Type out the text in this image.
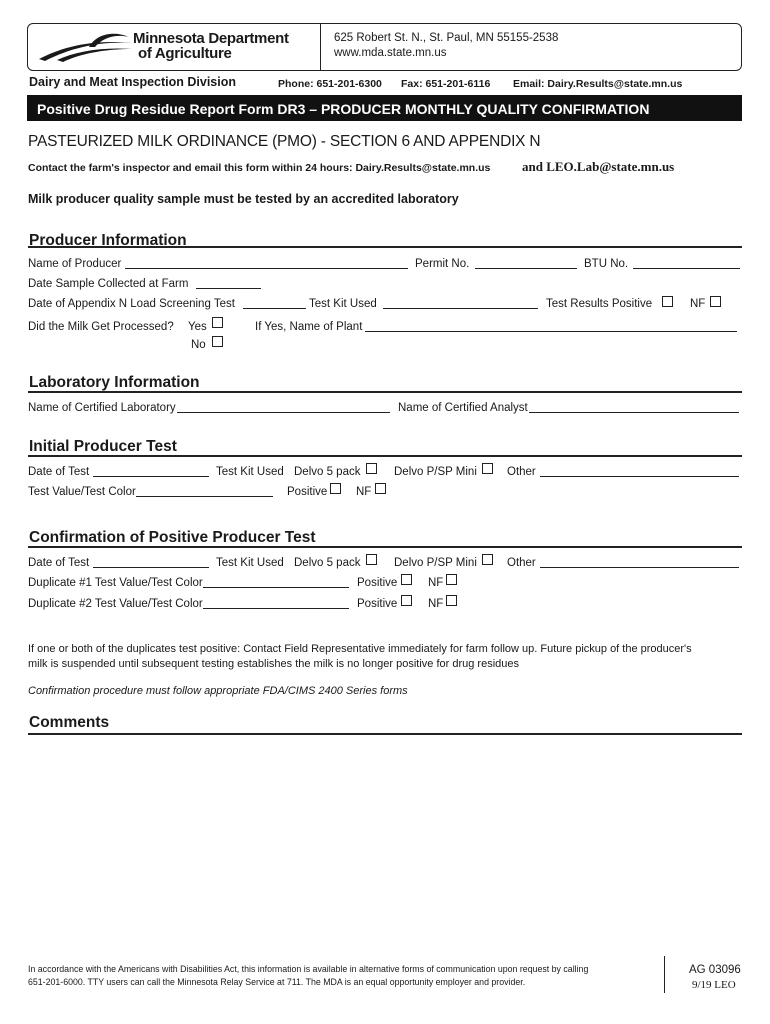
Minnesota Department
of Agriculture
625 Robert St. N., St. Paul, MN 55155-2538
www.mda.state.mn.us
Dairy and Meat Inspection Division	Phone: 651-201-6300 Fax: 651-201-6116 Email: Dairy.Results@state.mn.us
Positive Drug Residue Report Form DR3 – PRODUCER MONTHLY QUALITY CONFIRMATION
PASTEURIZED MILK ORDINANCE (PMO) - SECTION 6 AND APPENDIX N
Contact the farm's inspector and email this form within 24 hours: Dairy.Results@state.mn.us and LEO.Lab@state.mn.us
Milk producer quality sample must be tested by an accredited laboratory
Producer Information
Name of Producer	Permit No.	BTU No.
Date Sample Collected at Farm
Date of Appendix N Load Screening Test	Test Kit Used	Test Results Positive	NF
Did the Milk Get Processed? Yes
No
If Yes, Name of Plant
Laboratory Information
Name of Certified Laboratory	Name of Certified Analyst
Initial Producer Test
Date of Test	Test Kit Used Delvo 5 pack	Delvo P/SP Mini	Other
Test Value/Test Color	Positive NF
Confirmation of Positive Producer Test
Date of Test	Test Kit Used Delvo 5 pack	Delvo P/SP Mini	Other
Duplicate #1 Test Value/Test Color	Positive	NF
Duplicate #2 Test Value/Test Color	Positive	NF
If one or both of the duplicates test positive: Contact Field Representative immediately for farm follow up. Future pickup of the producer's
milk is suspended until subsequent testing establishes the milk is no longer positive for drug residues
Confirmation procedure must follow appropriate FDA/CIMS 2400 Series forms
Comments
In accordance with the Americans with Disabilities Act, this information is available in alternative forms of communication upon request by calling
651-201-6000. TTY users can call the Minnesota Relay Service at 711. The MDA is an equal opportunity employer and provider.
AG 03096
9/19 LEO
